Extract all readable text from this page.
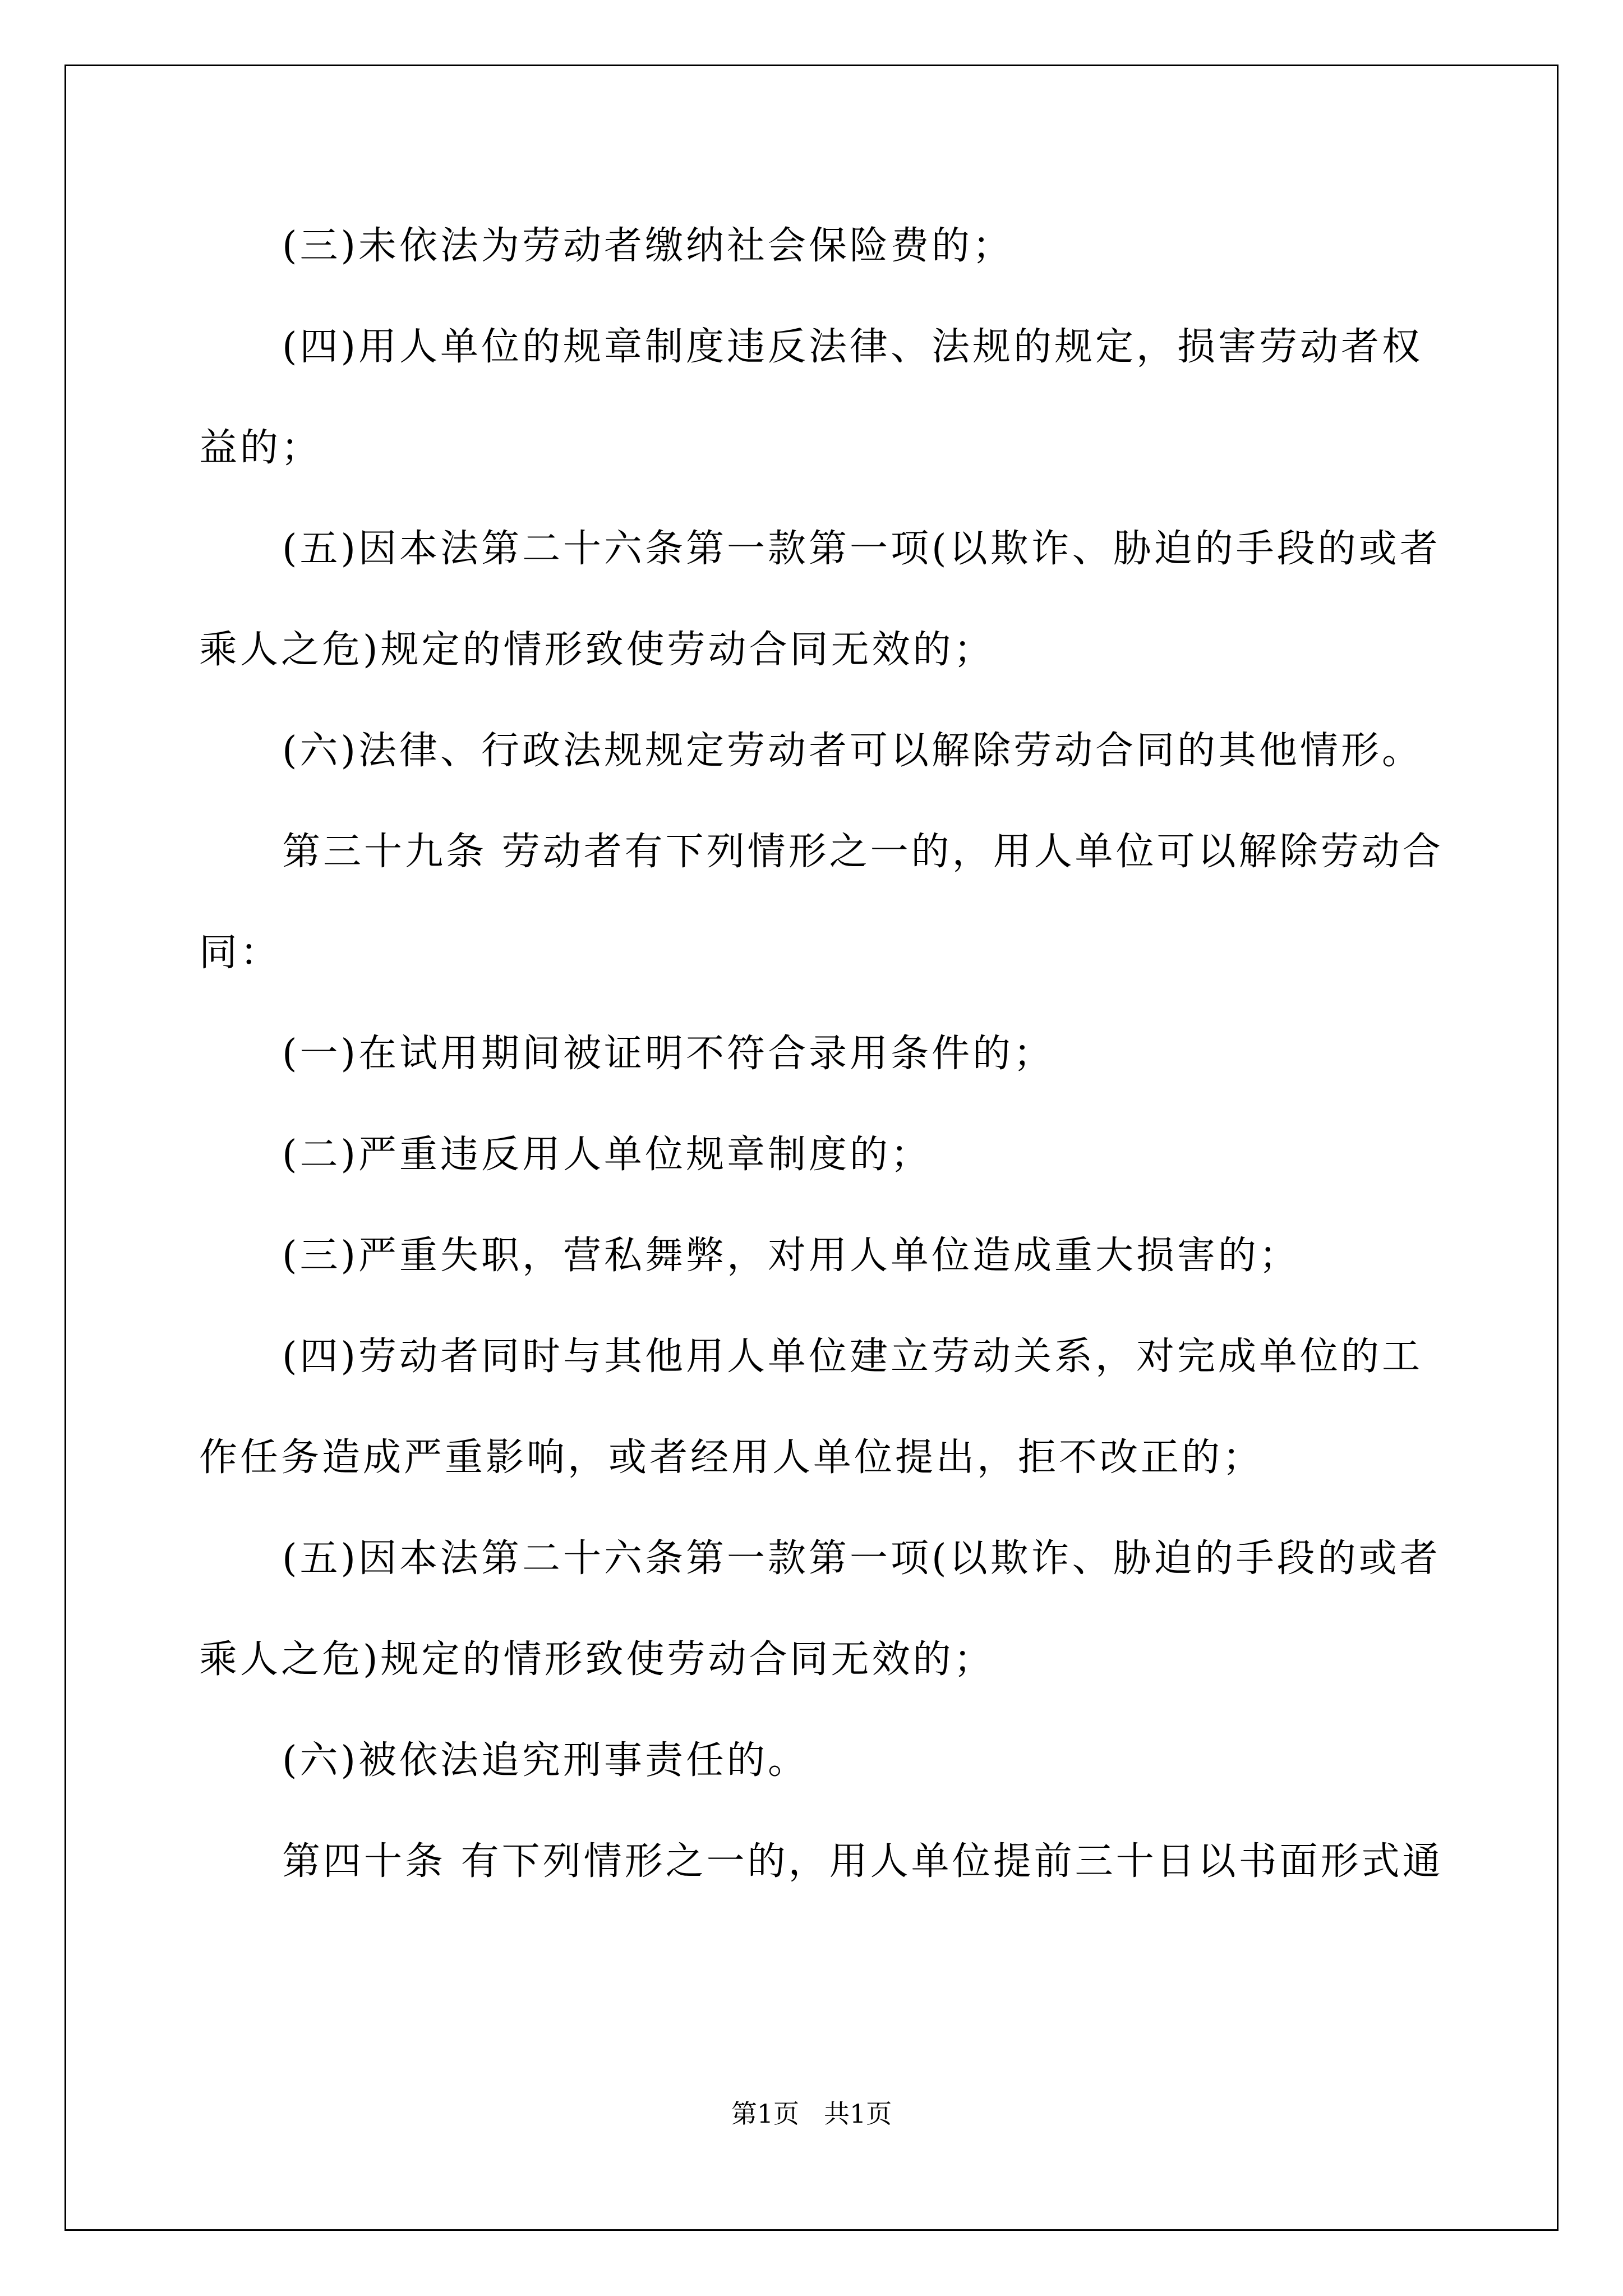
(三)未依法为劳动者缴纳社会保险费的；
(四)用人单位的规章制度违反法律、法规的规定，损害劳动者权
益的；
(五)因本法第二十六条第一款第一项(以欺诈、胁迫的手段的或者
乘人之危)规定的情形致使劳动合同无效的；
(六)法律、行政法规规定劳动者可以解除劳动合同的其他情形。
第三十九条 劳动者有下列情形之一的，用人单位可以解除劳动合
同：
(一)在试用期间被证明不符合录用条件的；
(二)严重违反用人单位规章制度的；
(三)严重失职，营私舞弊，对用人单位造成重大损害的；
(四)劳动者同时与其他用人单位建立劳动关系，对完成单位的工
作任务造成严重影响，或者经用人单位提出，拒不改正的；
(五)因本法第二十六条第一款第一项(以欺诈、胁迫的手段的或者
乘人之危)规定的情形致使劳动合同无效的；
(六)被依法追究刑事责任的。
第四十条 有下列情形之一的，用人单位提前三十日以书面形式通
第1页 共1页
